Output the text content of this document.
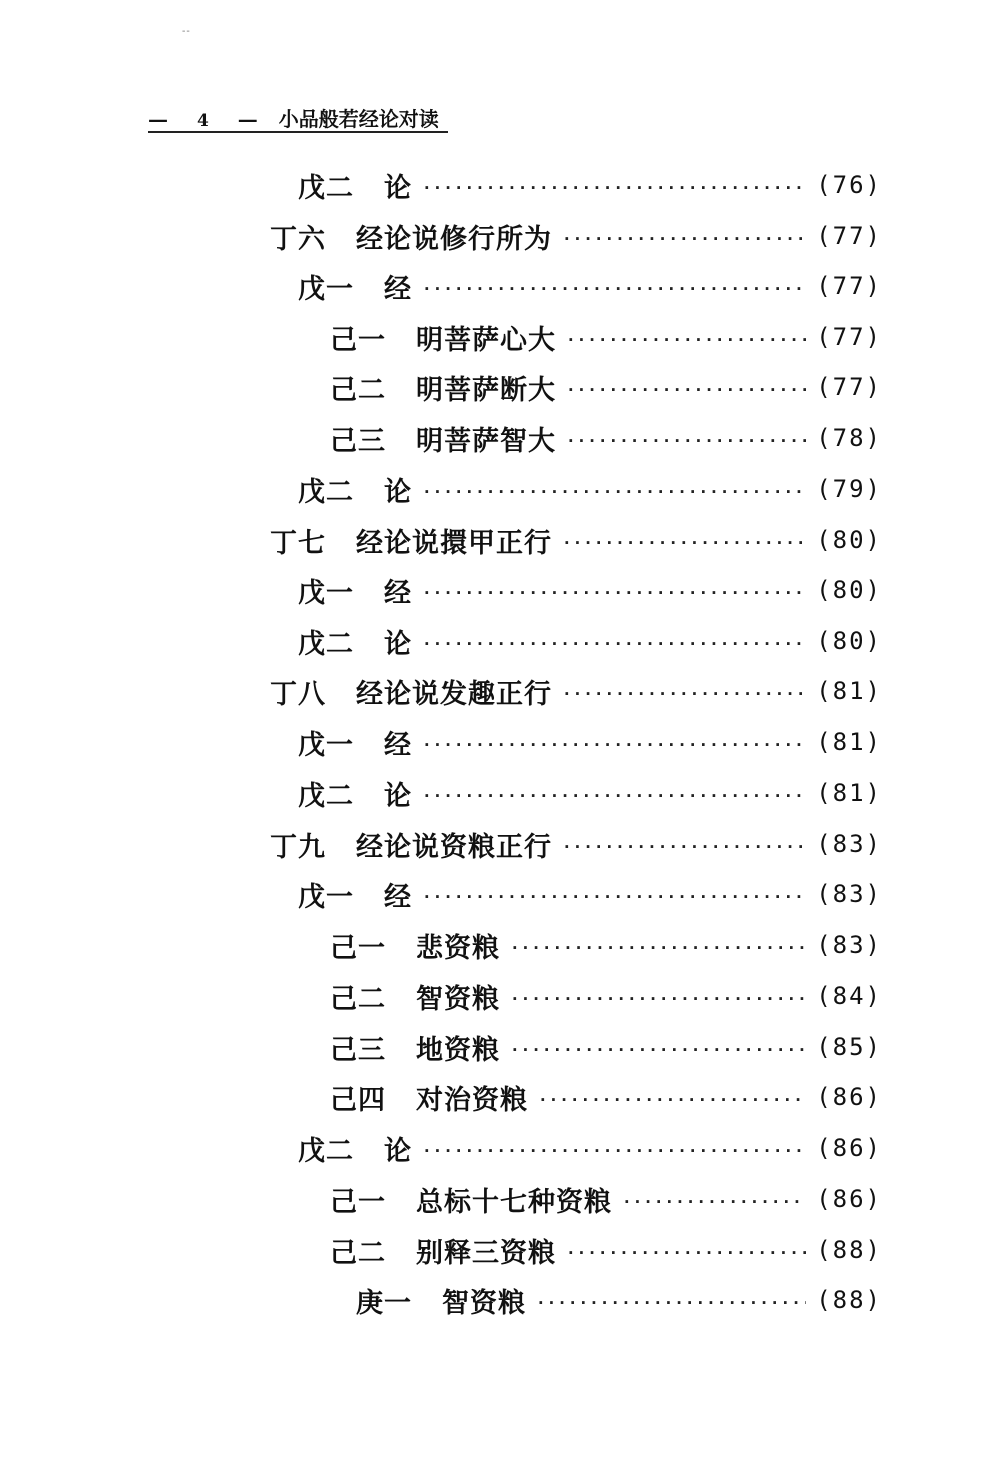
--
— 4 — 小品般若经论对读
戊二 论 ·····	(76)
丁六 经论说修行所为 ·····	(77)
戊一 经 ·····	(77)
己一 明菩萨心大 ·····	(77)
己二 明菩萨断大 ·····	(77)
己三 明菩萨智大 ·····	(78)
戊二 论 ·····	(79)
丁七 经论说擐甲正行 ·····	(80)
戊一 经 ·····	(80)
戊二 论 ·····	(80)
丁八 经论说发趣正行 ·····	(81)
戊一 经 ·····	(81)
戊二 论 ·····	(81)
丁九 经论说资粮正行 ·····	(83)
戊一 经 ·····	(83)
己一 悲资粮 ·····	(83)
己二 智资粮 ·····	(84)
己三 地资粮 ·····	(85)
己四 对治资粮 ·····	(86)
戊二 论 ·····	(86)
己一 总标十七种资粮 ·····	(86)
己二 别释三资粮 ·····	(88)
庚一 智资粮 ·····	(88)
